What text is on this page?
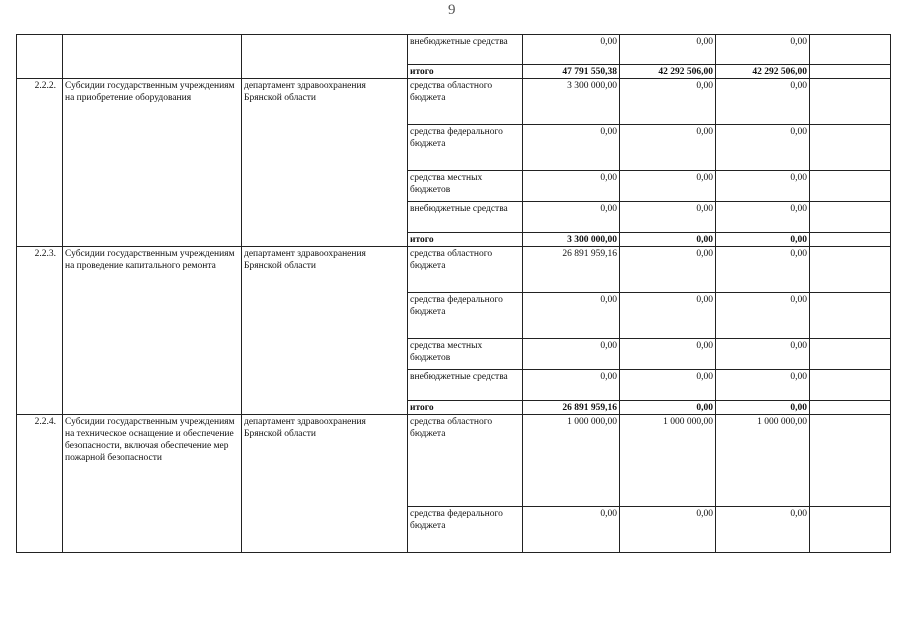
9
			внебюджетные средства	0,00	0,00	0,00	
			итого	47 791 550,38	42 292 506,00	42 292 506,00	
2.2.2.	Субсидии государственным учреждениям на приобретение оборудования	департамент здравоохранения Брянской области	средства областного бюджета	3 300 000,00	0,00	0,00	
			средства федерального бюджета	0,00	0,00	0,00	
			средства местных бюджетов	0,00	0,00	0,00	
			внебюджетные средства	0,00	0,00	0,00	
			итого	3 300 000,00	0,00	0,00	
2.2.3.	Субсидии государственным учреждениям на проведение капитального ремонта	департамент здравоохранения Брянской области	средства областного бюджета	26 891 959,16	0,00	0,00	
			средства федерального бюджета	0,00	0,00	0,00	
			средства местных бюджетов	0,00	0,00	0,00	
			внебюджетные средства	0,00	0,00	0,00	
			итого	26 891 959,16	0,00	0,00	
2.2.4.	Субсидии государственным учреждениям на техническое оснащение и обеспечение безопасности, включая обеспечение мер пожарной безопасности	департамент здравоохранения Брянской области	средства областного бюджета	1 000 000,00	1 000 000,00	1 000 000,00	
			средства федерального бюджета	0,00	0,00	0,00	
